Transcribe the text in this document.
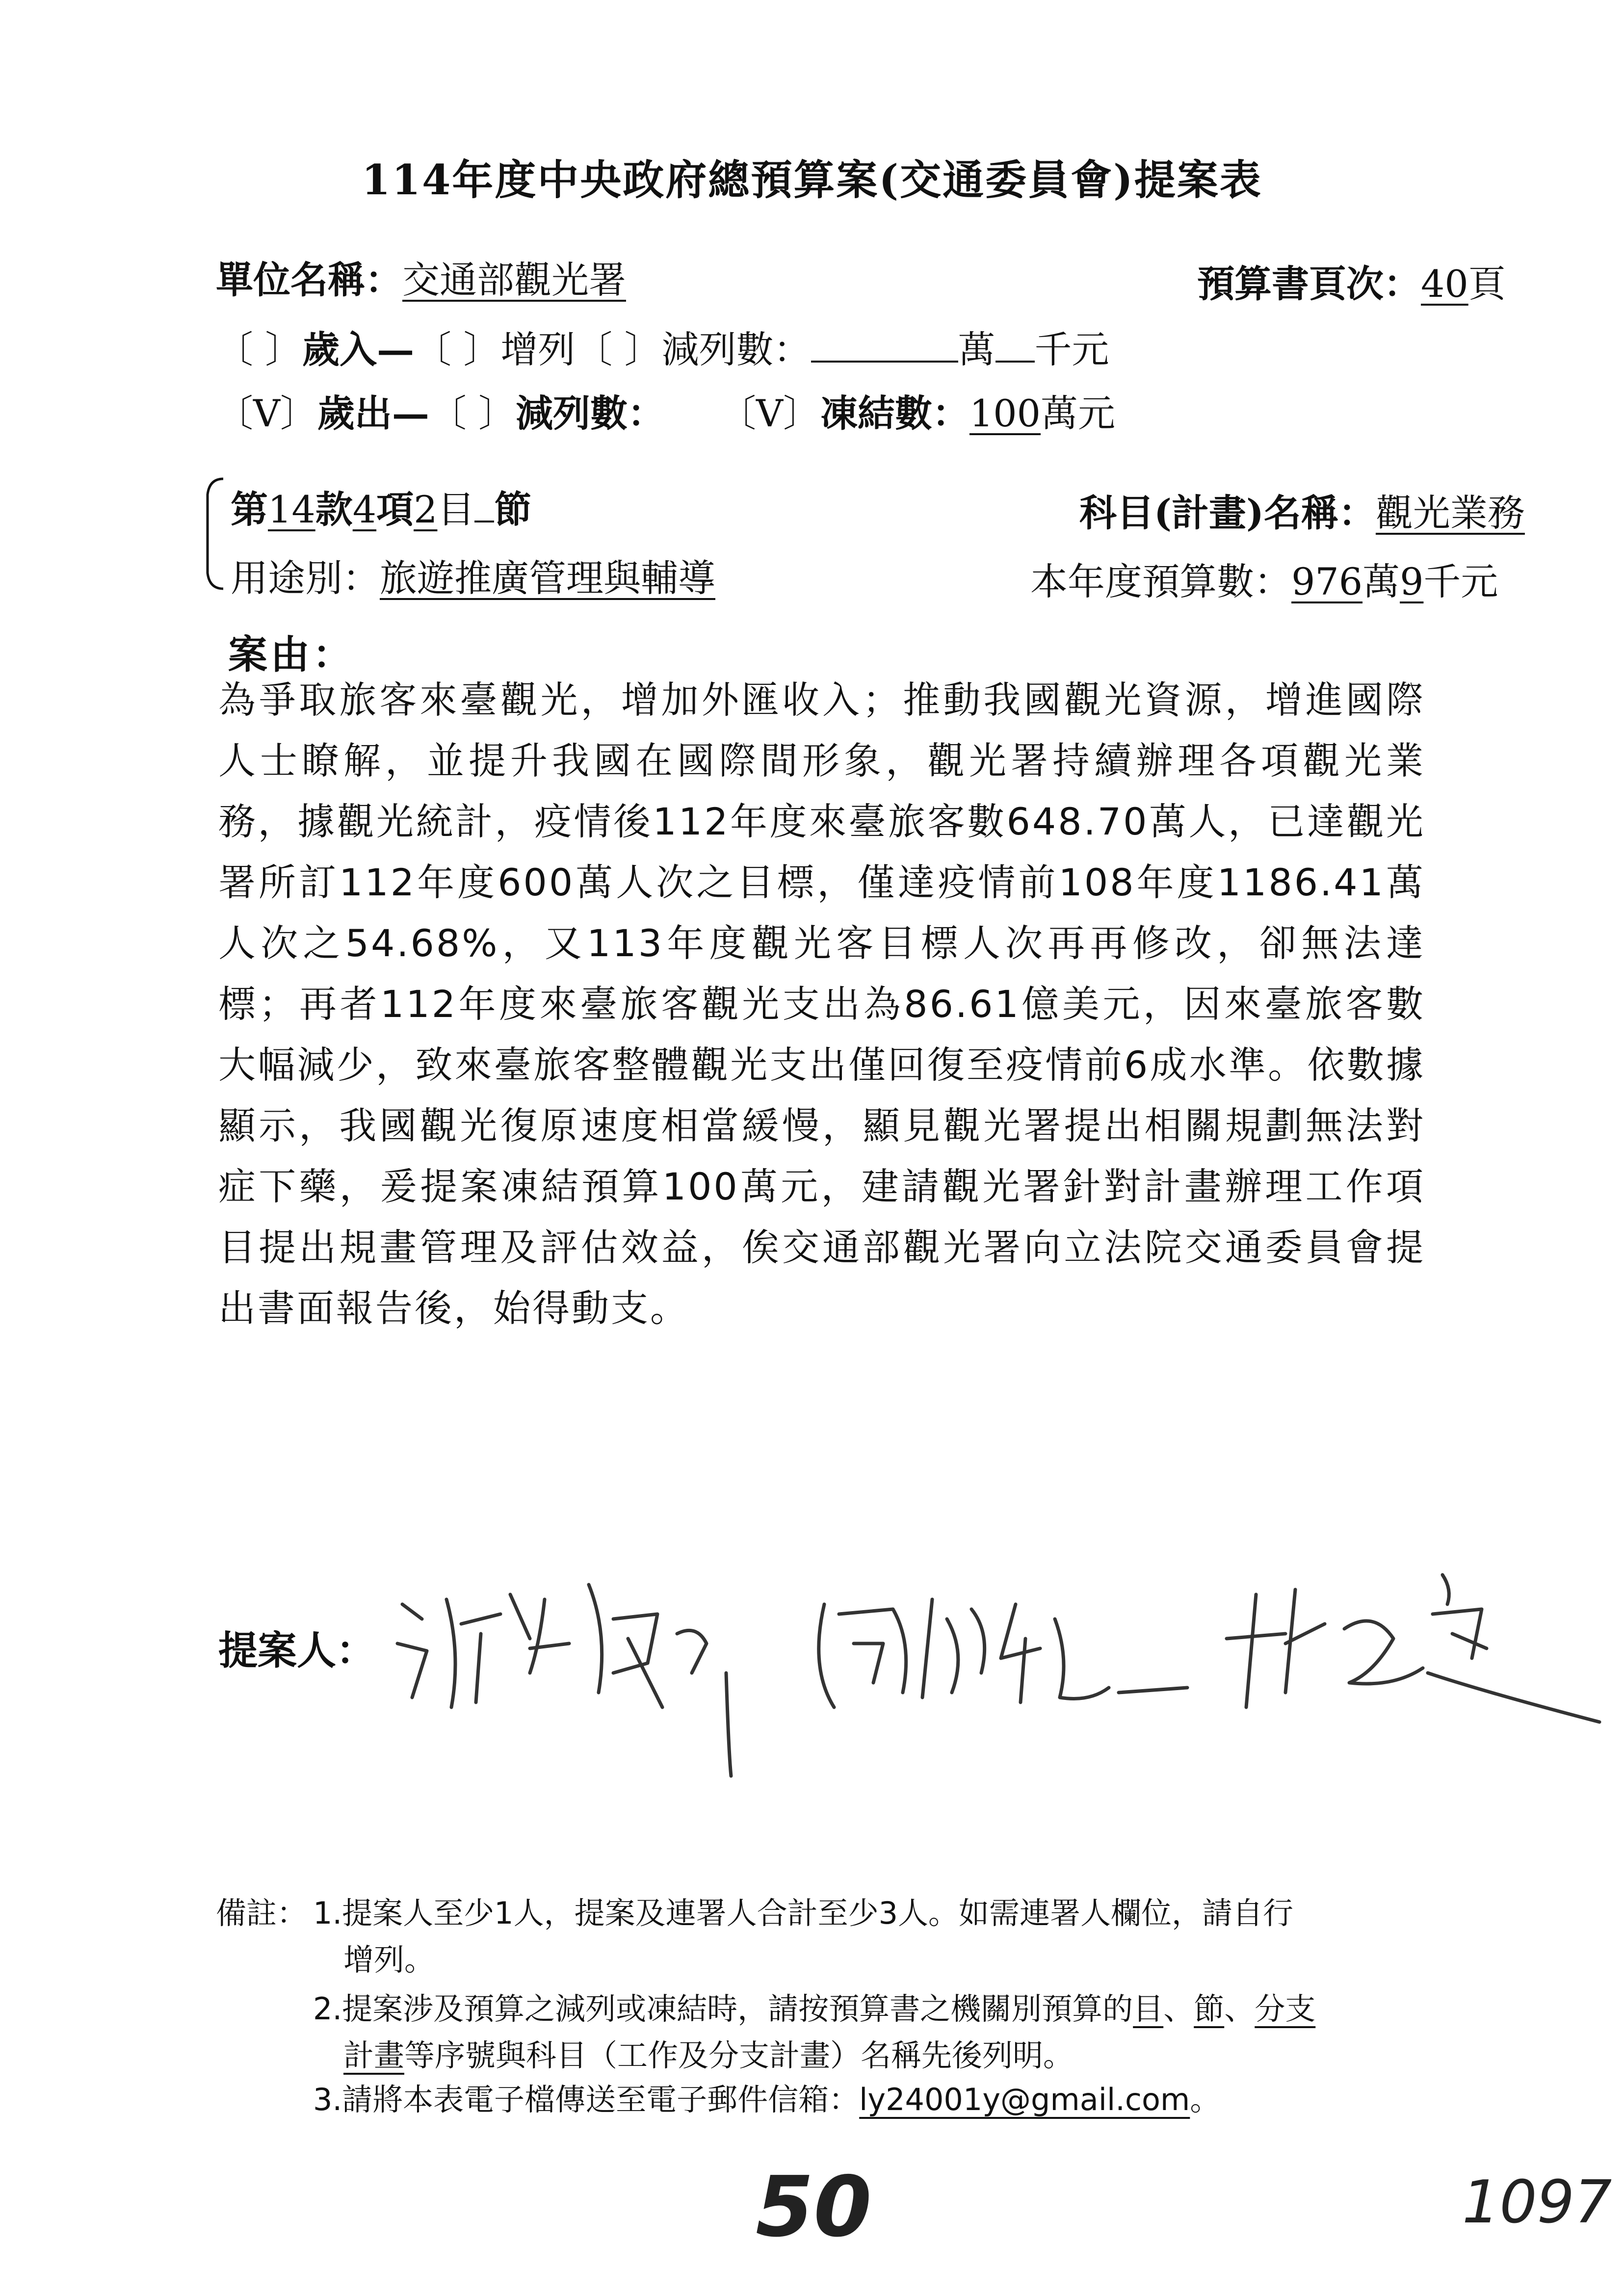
114年度中央政府總預算案(交通委員會)提案表
單位名稱：交通部觀光署	預算書頁次：40頁
〔 〕歲入—〔 〕增列〔 〕減列數：	萬 千元
〔V〕歲出—〔 〕減列數： 〔V〕凍結數：100萬元
第14款4項2目 節	科目(計畫)名稱：觀光業務
用途別：旅遊推廣管理與輔導	本年度預算數：976萬9千元
案由：
為爭取旅客來臺觀光，增加外匯收入；推動我國觀光資源，增進國際人士瞭解，並提升我國在國際間形象，觀光署持續辦理各項觀光業務，據觀光統計，疫情後112年度來臺旅客數648.70萬人，已達觀光署所訂112年度600萬人次之目標，僅達疫情前108年度1186.41萬人次之54.68%，又113年度觀光客目標人次再再修改，卻無法達標；再者112年度來臺旅客觀光支出為86.61億美元，因來臺旅客數大幅減少，致來臺旅客整體觀光支出僅回復至疫情前6成水準。依數據顯示，我國觀光復原速度相當緩慢，顯見觀光署提出相關規劃無法對症下藥，爰提案凍結預算100萬元，建請觀光署針對計畫辦理工作項目提出規畫管理及評估效益，俟交通部觀光署向立法院交通委員會提出書面報告後，始得動支。
提案人：
備註： 1.提案人至少1人，提案及連署人合計至少3人。如需連署人欄位，請自行
增列。
2.提案涉及預算之減列或凍結時，請按預算書之機關別預算的目、節、分支
計畫等序號與科目（工作及分支計畫）名稱先後列明。
3.請將本表電子檔傳送至電子郵件信箱：ly24001y@gmail.com。
50	1097
